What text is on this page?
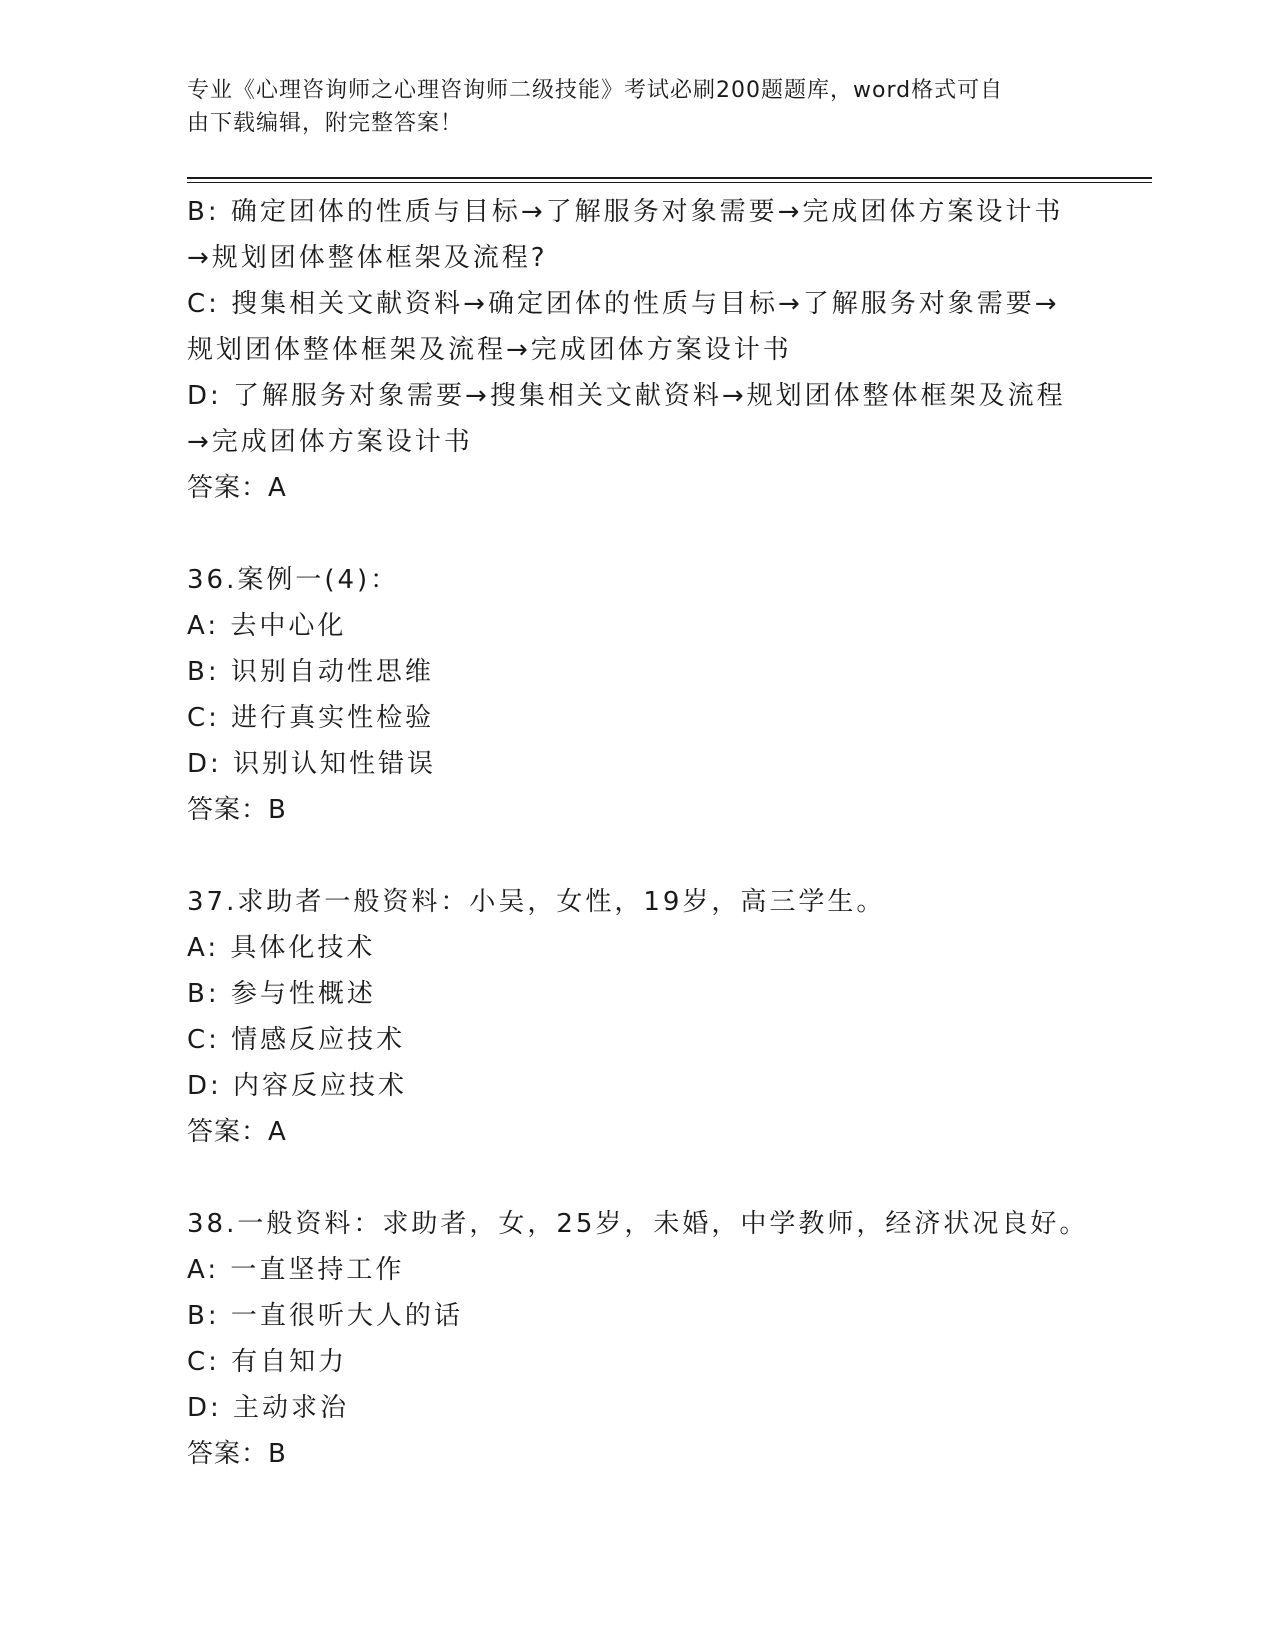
专业《心理咨询师之心理咨询师二级技能》考试必刷200题题库，word格式可自
由下载编辑，附完整答案！
B: 确定团体的性质与目标→了解服务对象需要→完成团体方案设计书
→规划团体整体框架及流程?
C: 搜集相关文献资料→确定团体的性质与目标→了解服务对象需要→
规划团体整体框架及流程→完成团体方案设计书
D: 了解服务对象需要→搜集相关文献资料→规划团体整体框架及流程
→完成团体方案设计书
答案：A
36.案例一(4)：
A: 去中心化
B: 识别自动性思维
C: 进行真实性检验
D: 识别认知性错误
答案：B
37.求助者一般资料：小吴，女性，19岁，高三学生。
A: 具体化技术
B: 参与性概述
C: 情感反应技术
D: 内容反应技术
答案：A
38.一般资料：求助者，女，25岁，未婚，中学教师，经济状况良好。
A: 一直坚持工作
B: 一直很听大人的话
C: 有自知力
D: 主动求治
答案：B
